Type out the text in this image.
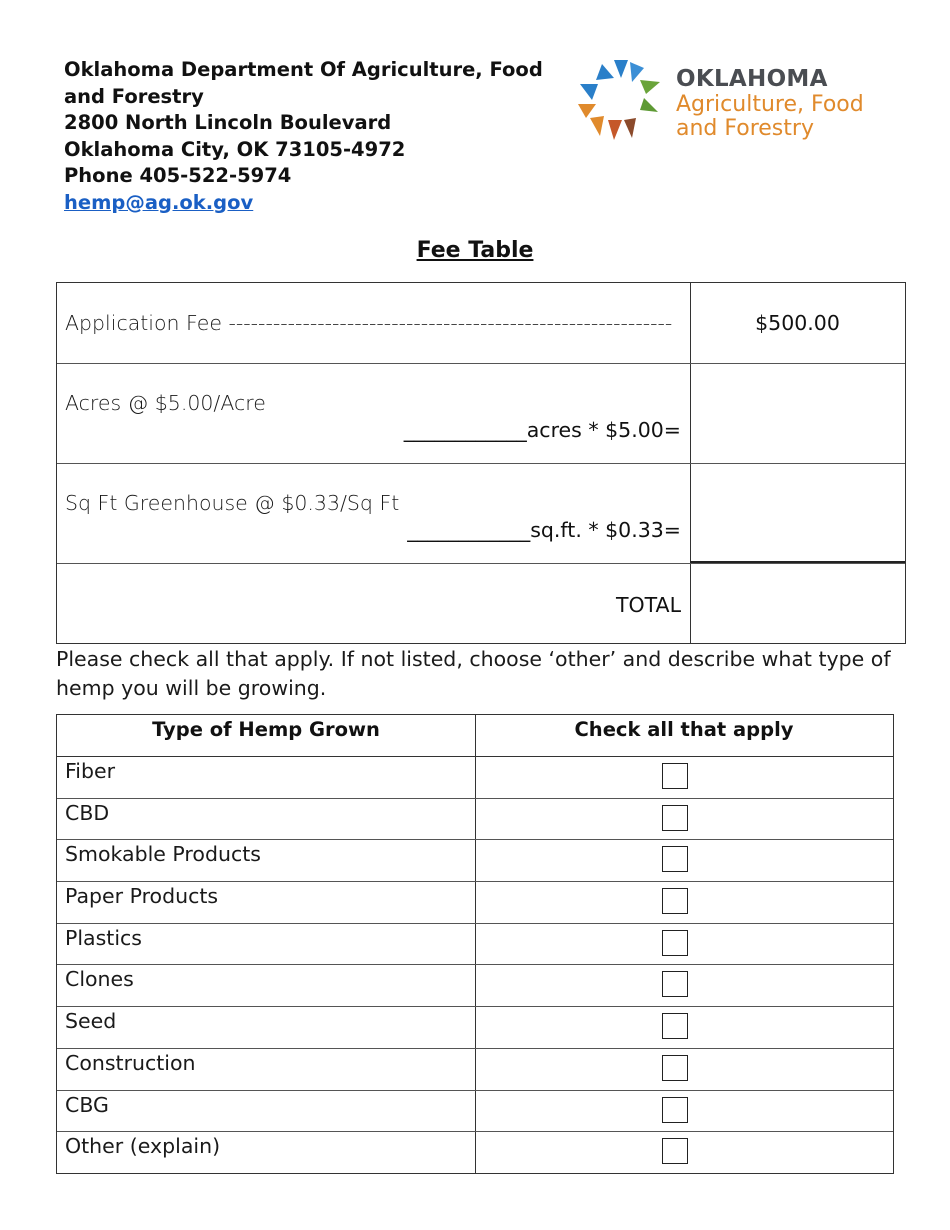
Oklahoma Department Of Agriculture, Food
and Forestry
2800 North Lincoln Boulevard
Oklahoma City, OK 73105-4972
Phone 405-522-5974
hemp@ag.ok.gov
OKLAHOMA
Agriculture, Food
and Forestry
Fee Table
Application Fee ------------------------------------------------------------	$500.00
Acres @ $5.00/Acre
____________acres * $5.00=
Sq Ft Greenhouse @ $0.33/Sq Ft
____________sq.ft. * $0.33=
TOTAL
Please check all that apply. If not listed, choose ‘other’ and describe what type of hemp you will be growing.
Type of Hemp Grown	Check all that apply
Fiber
CBD
Smokable Products
Paper Products
Plastics
Clones
Seed
Construction
CBG
Other (explain)
